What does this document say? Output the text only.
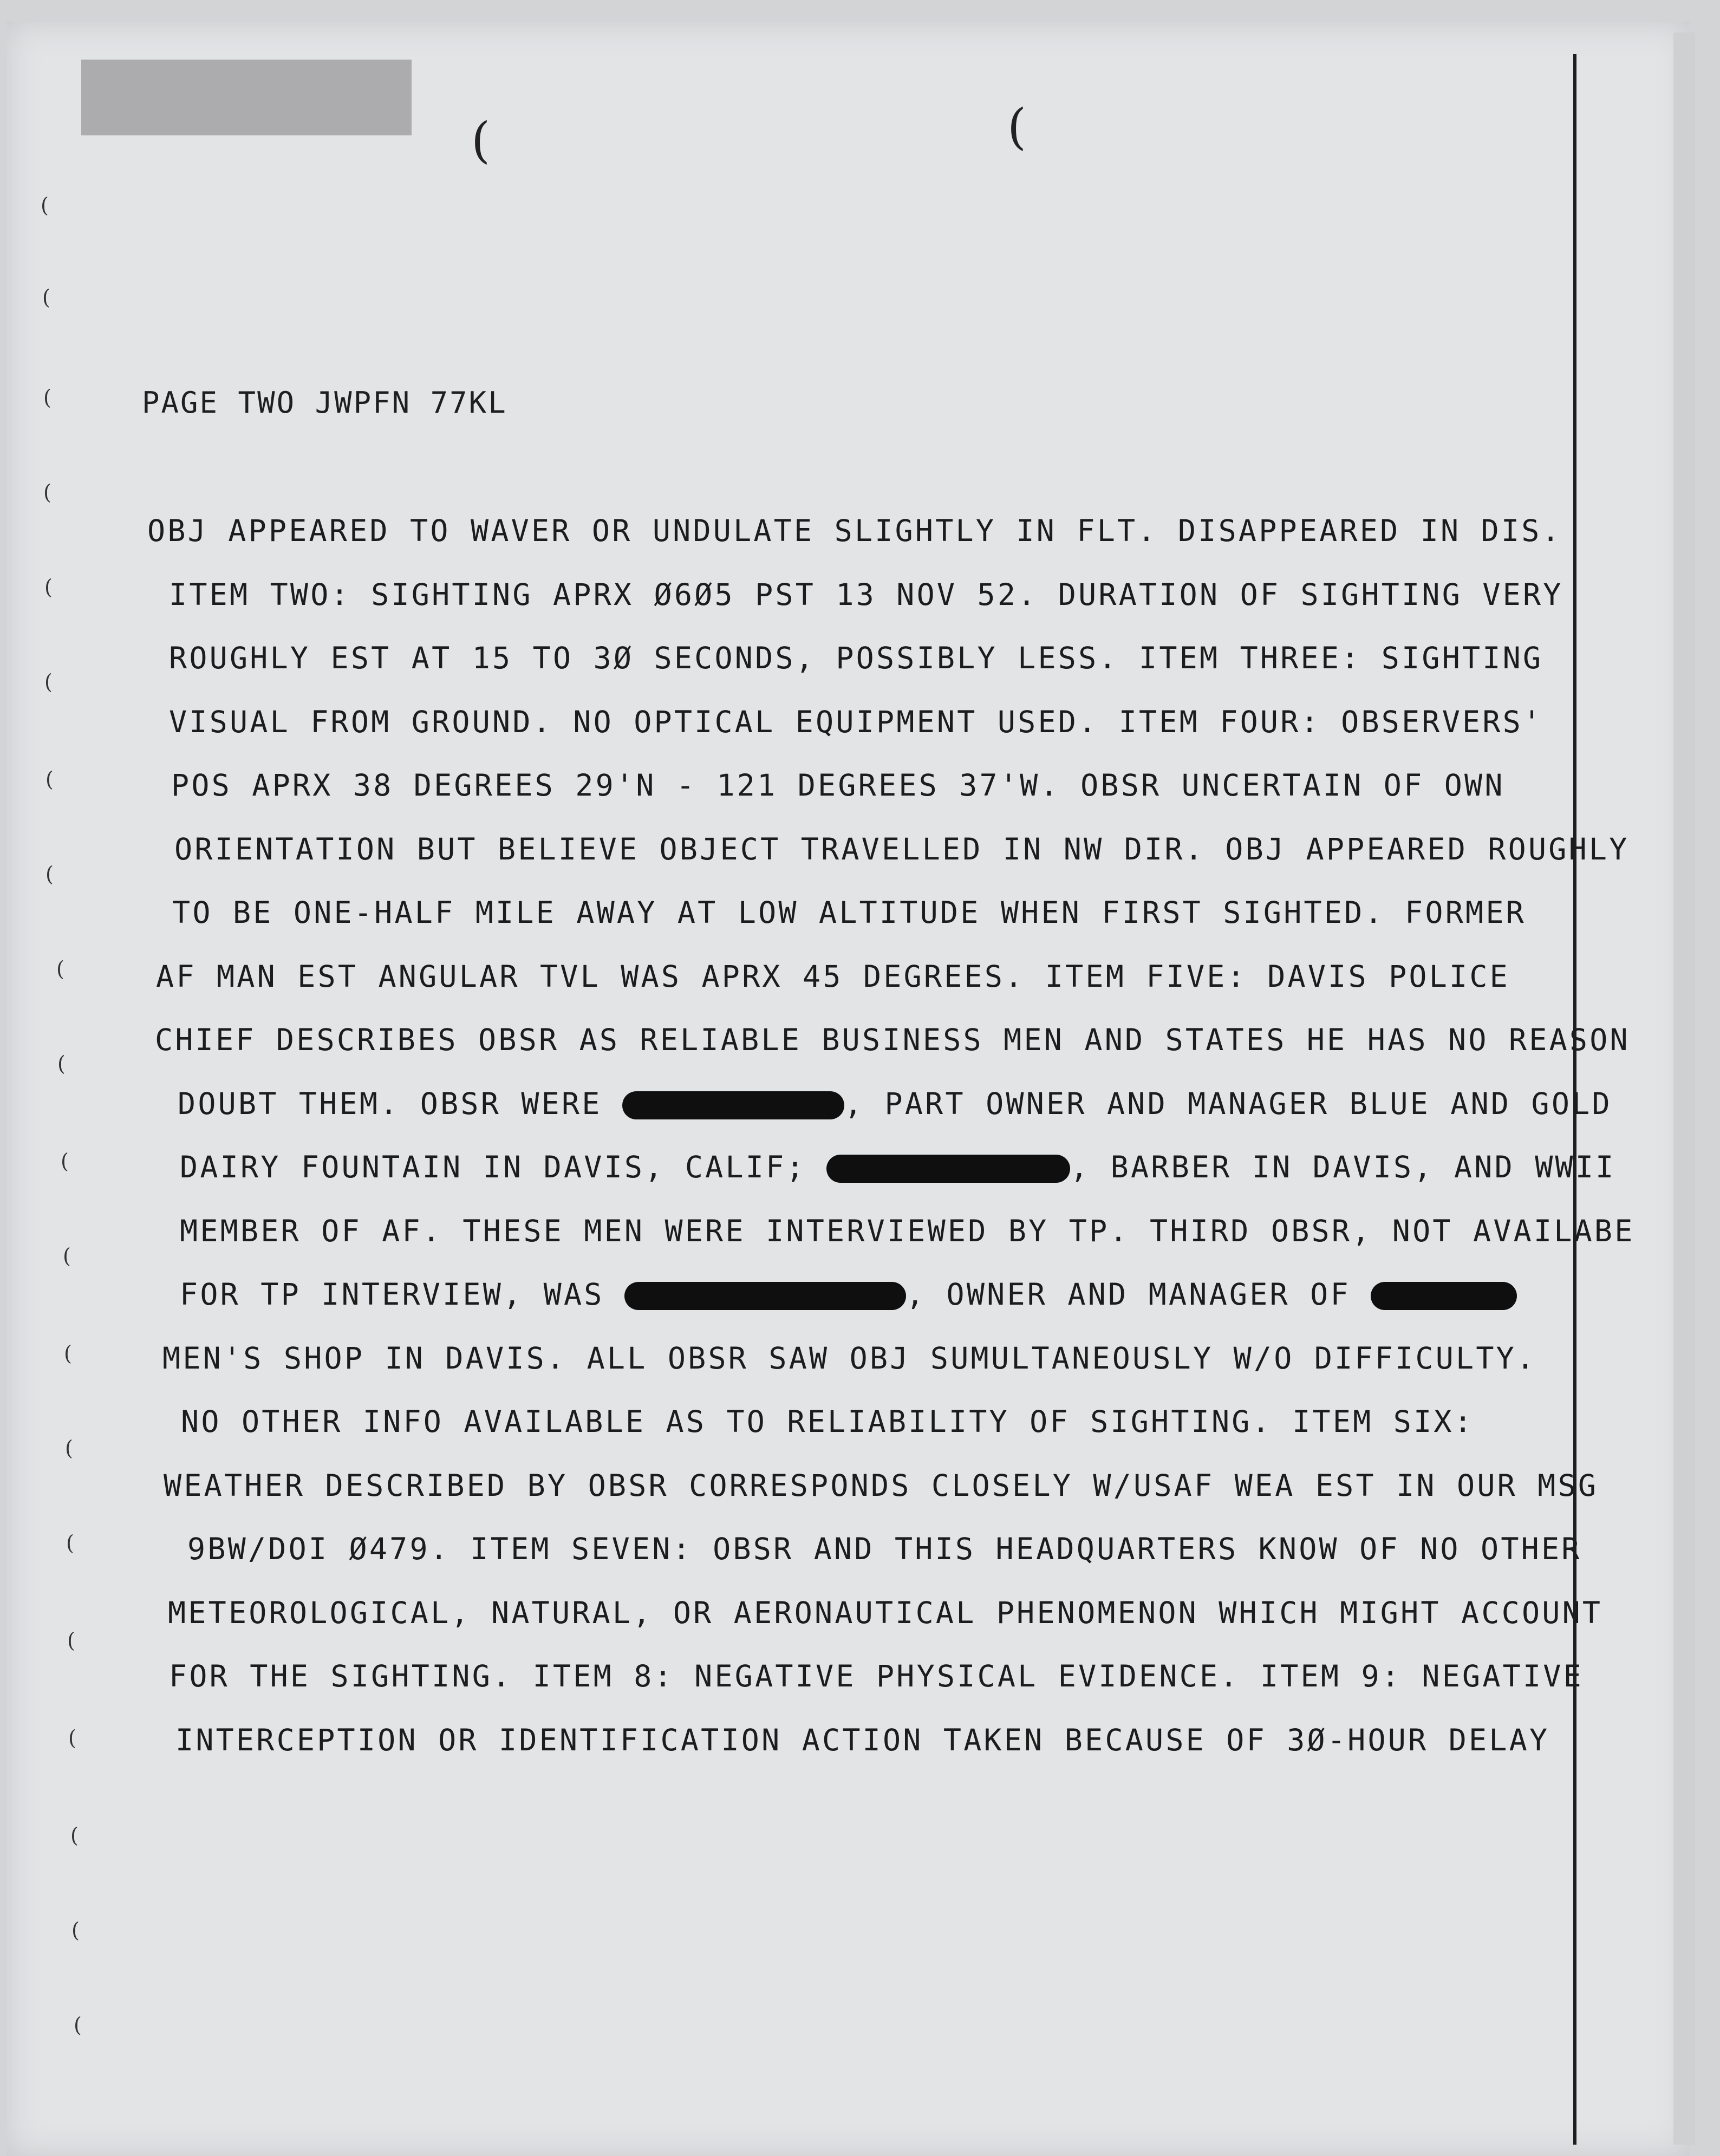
(	(
(
(
(
(
(
(
(
(
(
(
(
(
(
(
(
(
(
(
(
(
PAGE TWO JWPFN 77KL
OBJ APPEARED TO WAVER OR UNDULATE SLIGHTLY IN FLT. DISAPPEARED IN DIS.
ITEM TWO: SIGHTING APRX Ø6Ø5 PST 13 NOV 52. DURATION OF SIGHTING VERY
ROUGHLY EST AT 15 TO 3Ø SECONDS, POSSIBLY LESS. ITEM THREE: SIGHTING
VISUAL FROM GROUND. NO OPTICAL EQUIPMENT USED. ITEM FOUR: OBSERVERS'
POS APRX 38 DEGREES 29'N - 121 DEGREES 37'W. OBSR UNCERTAIN OF OWN
ORIENTATION BUT BELIEVE OBJECT TRAVELLED IN NW DIR. OBJ APPEARED ROUGHLY
TO BE ONE-HALF MILE AWAY AT LOW ALTITUDE WHEN FIRST SIGHTED. FORMER
AF MAN EST ANGULAR TVL WAS APRX 45 DEGREES. ITEM FIVE: DAVIS POLICE
CHIEF DESCRIBES OBSR AS RELIABLE BUSINESS MEN AND STATES HE HAS NO REASON
DOUBT THEM. OBSR WERE	, PART OWNER AND MANAGER BLUE AND GOLD
DAIRY FOUNTAIN IN DAVIS, CALIF;	, BARBER IN DAVIS, AND WWII
MEMBER OF AF. THESE MEN WERE INTERVIEWED BY TP. THIRD OBSR, NOT AVAILABE
FOR TP INTERVIEW, WAS	, OWNER AND MANAGER OF
MEN'S SHOP IN DAVIS. ALL OBSR SAW OBJ SUMULTANEOUSLY W/O DIFFICULTY.
NO OTHER INFO AVAILABLE AS TO RELIABILITY OF SIGHTING. ITEM SIX:
WEATHER DESCRIBED BY OBSR CORRESPONDS CLOSELY W/USAF WEA EST IN OUR MSG
9BW/DOI Ø479. ITEM SEVEN: OBSR AND THIS HEADQUARTERS KNOW OF NO OTHER
METEOROLOGICAL, NATURAL, OR AERONAUTICAL PHENOMENON WHICH MIGHT ACCOUNT
FOR THE SIGHTING. ITEM 8: NEGATIVE PHYSICAL EVIDENCE. ITEM 9: NEGATIVE
INTERCEPTION OR IDENTIFICATION ACTION TAKEN BECAUSE OF 3Ø-HOUR DELAY
